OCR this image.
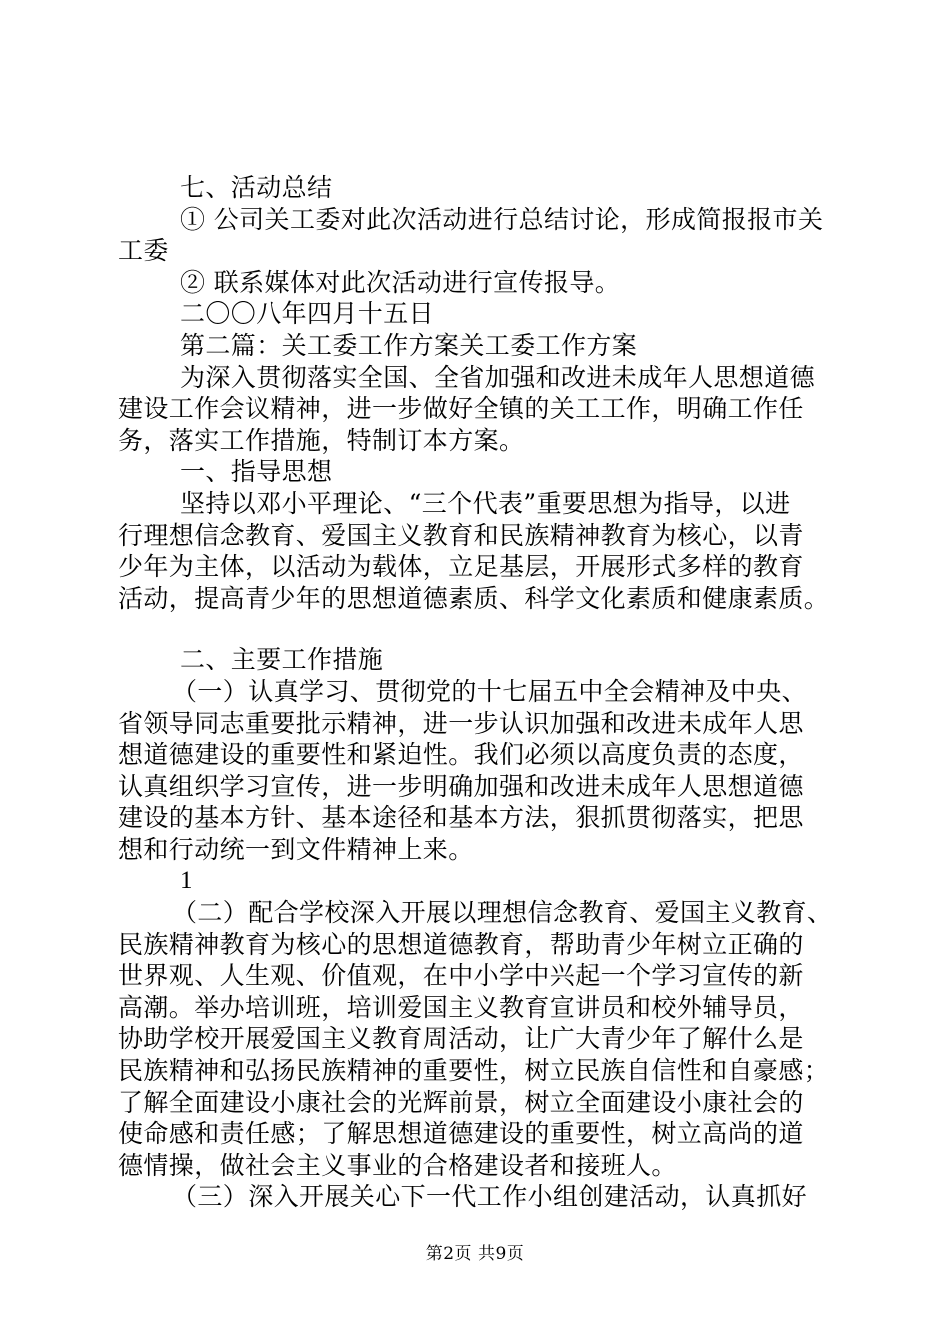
七、活动总结
① 公司关工委对此次活动进行总结讨论，形成简报报市关
工委
② 联系媒体对此次活动进行宣传报导。
二〇〇八年四月十五日
第二篇：关工委工作方案关工委工作方案
为深入贯彻落实全国、全省加强和改进未成年人思想道德
建设工作会议精神，进一步做好全镇的关工工作，明确工作任
务，落实工作措施，特制订本方案。
一、指导思想
坚持以邓小平理论、“三个代表”重要思想为指导，以进
行理想信念教育、爱国主义教育和民族精神教育为核心，以青
少年为主体，以活动为载体，立足基层，开展形式多样的教育
活动，提高青少年的思想道德素质、科学文化素质和健康素质。
二、主要工作措施
（一）认真学习、贯彻党的十七届五中全会精神及中央、
省领导同志重要批示精神，进一步认识加强和改进未成年人思
想道德建设的重要性和紧迫性。我们必须以高度负责的态度，
认真组织学习宣传，进一步明确加强和改进未成年人思想道德
建设的基本方针、基本途径和基本方法，狠抓贯彻落实，把思
想和行动统一到文件精神上来。
1
（二）配合学校深入开展以理想信念教育、爱国主义教育、
民族精神教育为核心的思想道德教育，帮助青少年树立正确的
世界观、人生观、价值观，在中小学中兴起一个学习宣传的新
高潮。举办培训班，培训爱国主义教育宣讲员和校外辅导员，
协助学校开展爱国主义教育周活动，让广大青少年了解什么是
民族精神和弘扬民族精神的重要性，树立民族自信性和自豪感；
了解全面建设小康社会的光辉前景，树立全面建设小康社会的
使命感和责任感；了解思想道德建设的重要性，树立高尚的道
德情操，做社会主义事业的合格建设者和接班人。
（三）深入开展关心下一代工作小组创建活动，认真抓好
第2页 共9页
